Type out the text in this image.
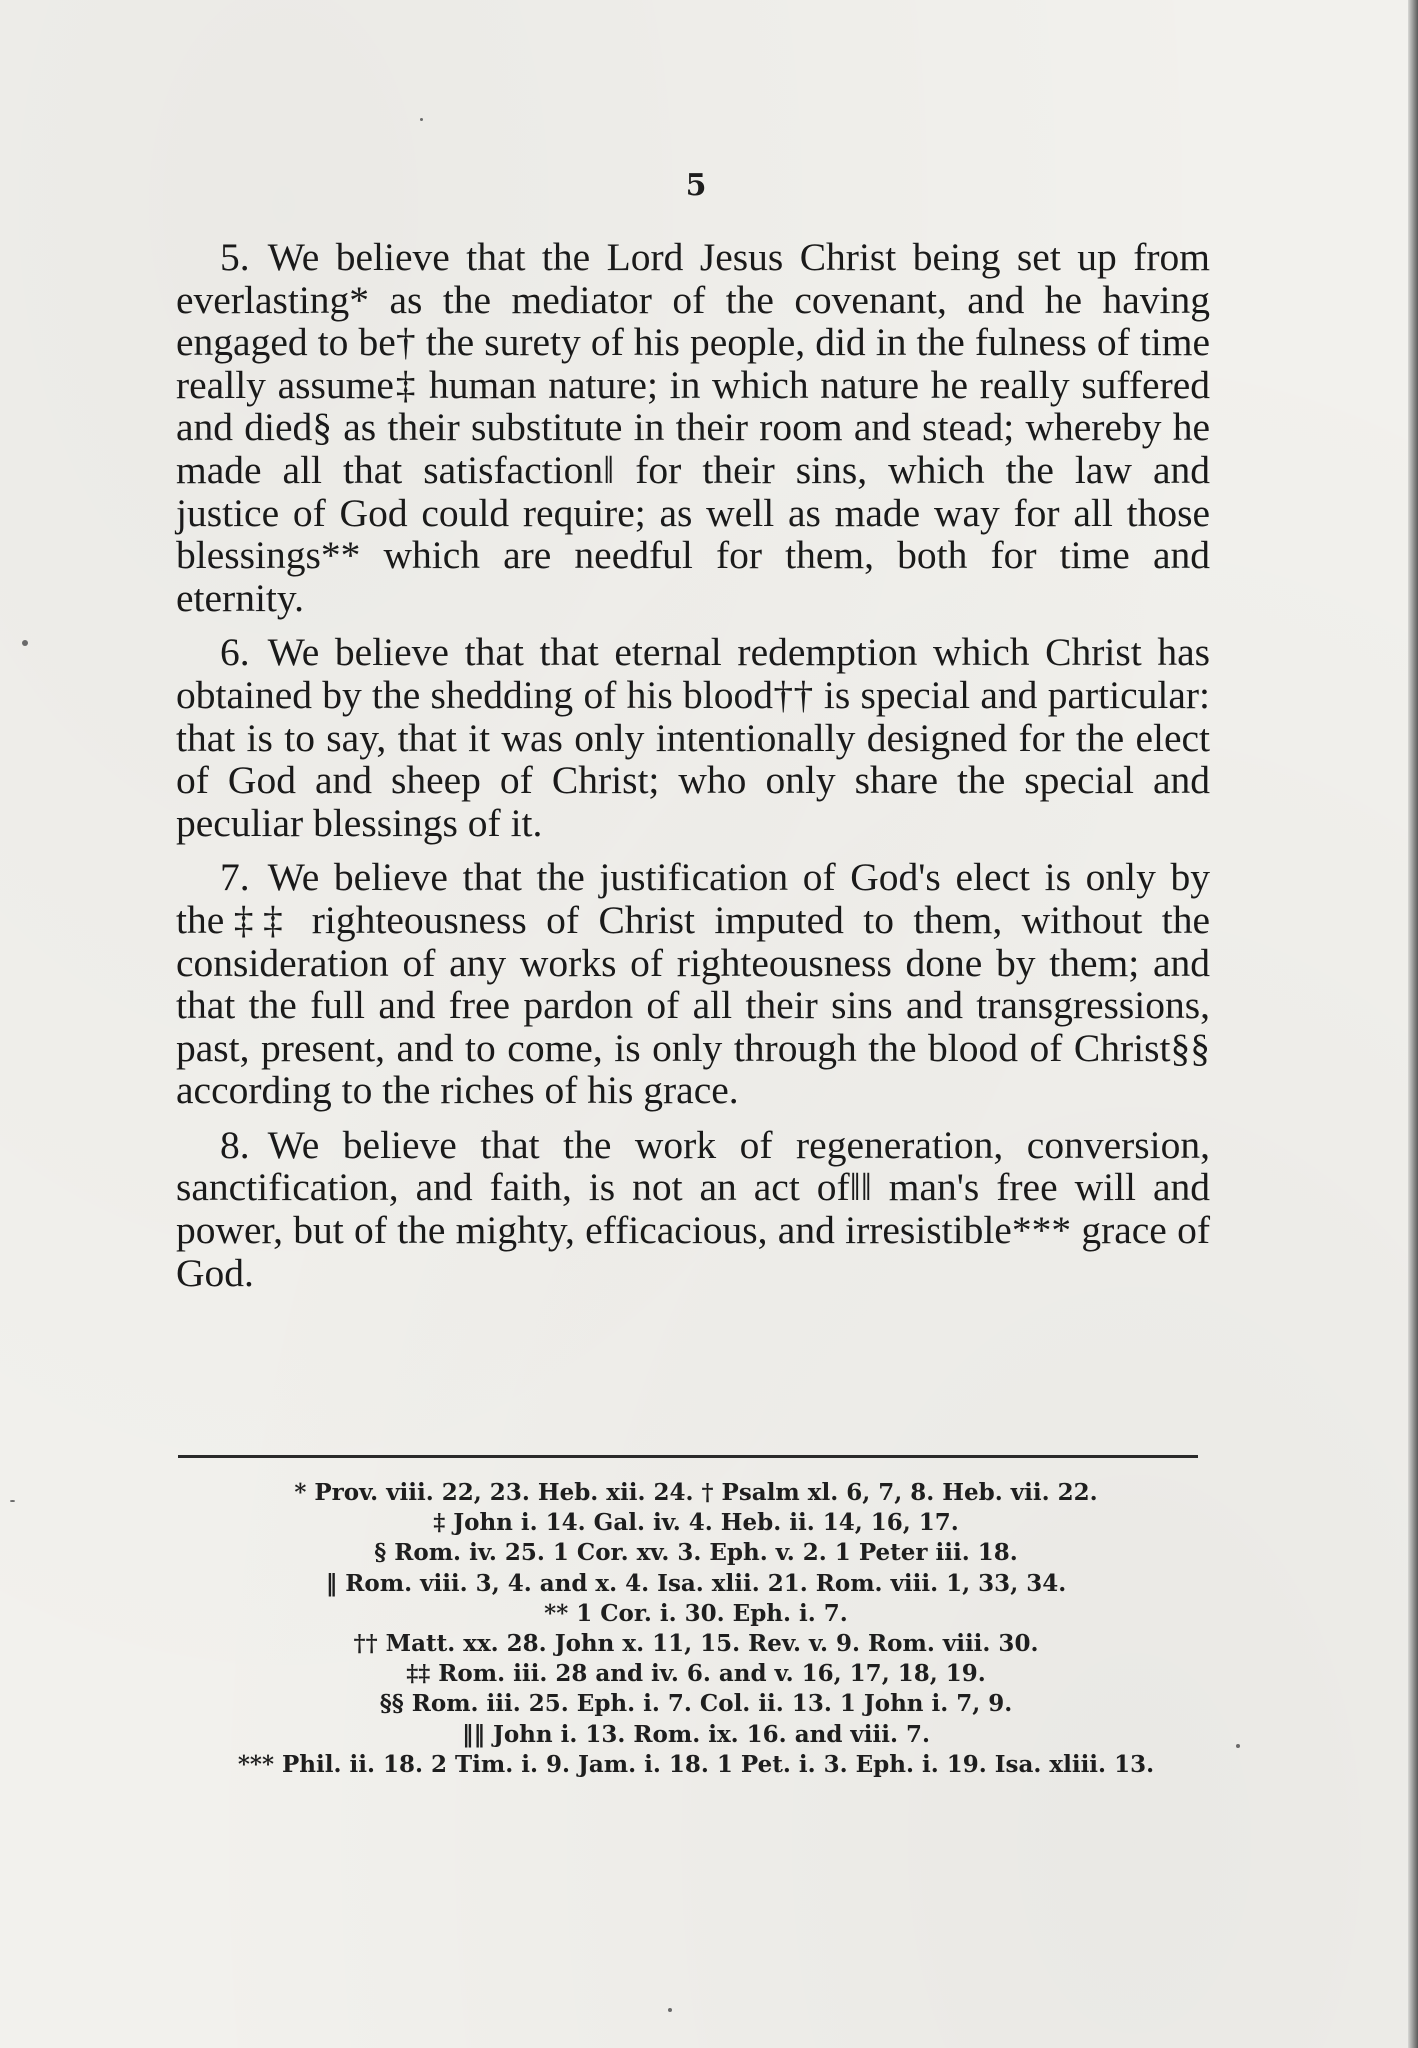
5

5. We believe that the Lord Jesus Christ being set up from everlasting* as the mediator of the covenant, and he having engaged to be† the surety of his people, did in the fulness of time really assume‡ human nature; in which nature he really suffered and died§ as their substitute in their room and stead; whereby he made all that satisfaction‖ for their sins, which the law and justice of God could require; as well as made way for all those blessings** which are needful for them, both for time and eternity.

6. We believe that that eternal redemption which Christ has obtained by the shedding of his blood†† is special and particular: that is to say, that it was only intentionally designed for the elect of God and sheep of Christ; who only share the special and peculiar blessings of it.

7. We believe that the justification of God's elect is only by the‡‡ righteousness of Christ imputed to them, without the consideration of any works of righteousness done by them; and that the full and free pardon of all their sins and transgressions, past, present, and to come, is only through the blood of Christ§§ according to the riches of his grace.

8. We believe that the work of regeneration, conversion, sanctification, and faith, is not an act of‖‖ man's free will and power, but of the mighty, efficacious, and irresistible*** grace of God.

* Prov. viii. 22, 23. Heb. xii. 24. † Psalm xl. 6, 7, 8. Heb. vii. 22.
‡ John i. 14. Gal. iv. 4. Heb. ii. 14, 16, 17.
§ Rom. iv. 25. 1 Cor. xv. 3. Eph. v. 2. 1 Peter iii. 18.
‖ Rom. viii. 3, 4. and x. 4. Isa. xlii. 21. Rom. viii. 1, 33, 34.
** 1 Cor. i. 30. Eph. i. 7.
†† Matt. xx. 28. John x. 11, 15. Rev. v. 9. Rom. viii. 30.
‡‡ Rom. iii. 28 and iv. 6. and v. 16, 17, 18, 19.
§§ Rom. iii. 25. Eph. i. 7. Col. ii. 13. 1 John i. 7, 9.
‖‖ John i. 13. Rom. ix. 16. and viii. 7.
*** Phil. ii. 18. 2 Tim. i. 9. Jam. i. 18. 1 Pet. i. 3. Eph. i. 19. Isa. xliii. 13.
